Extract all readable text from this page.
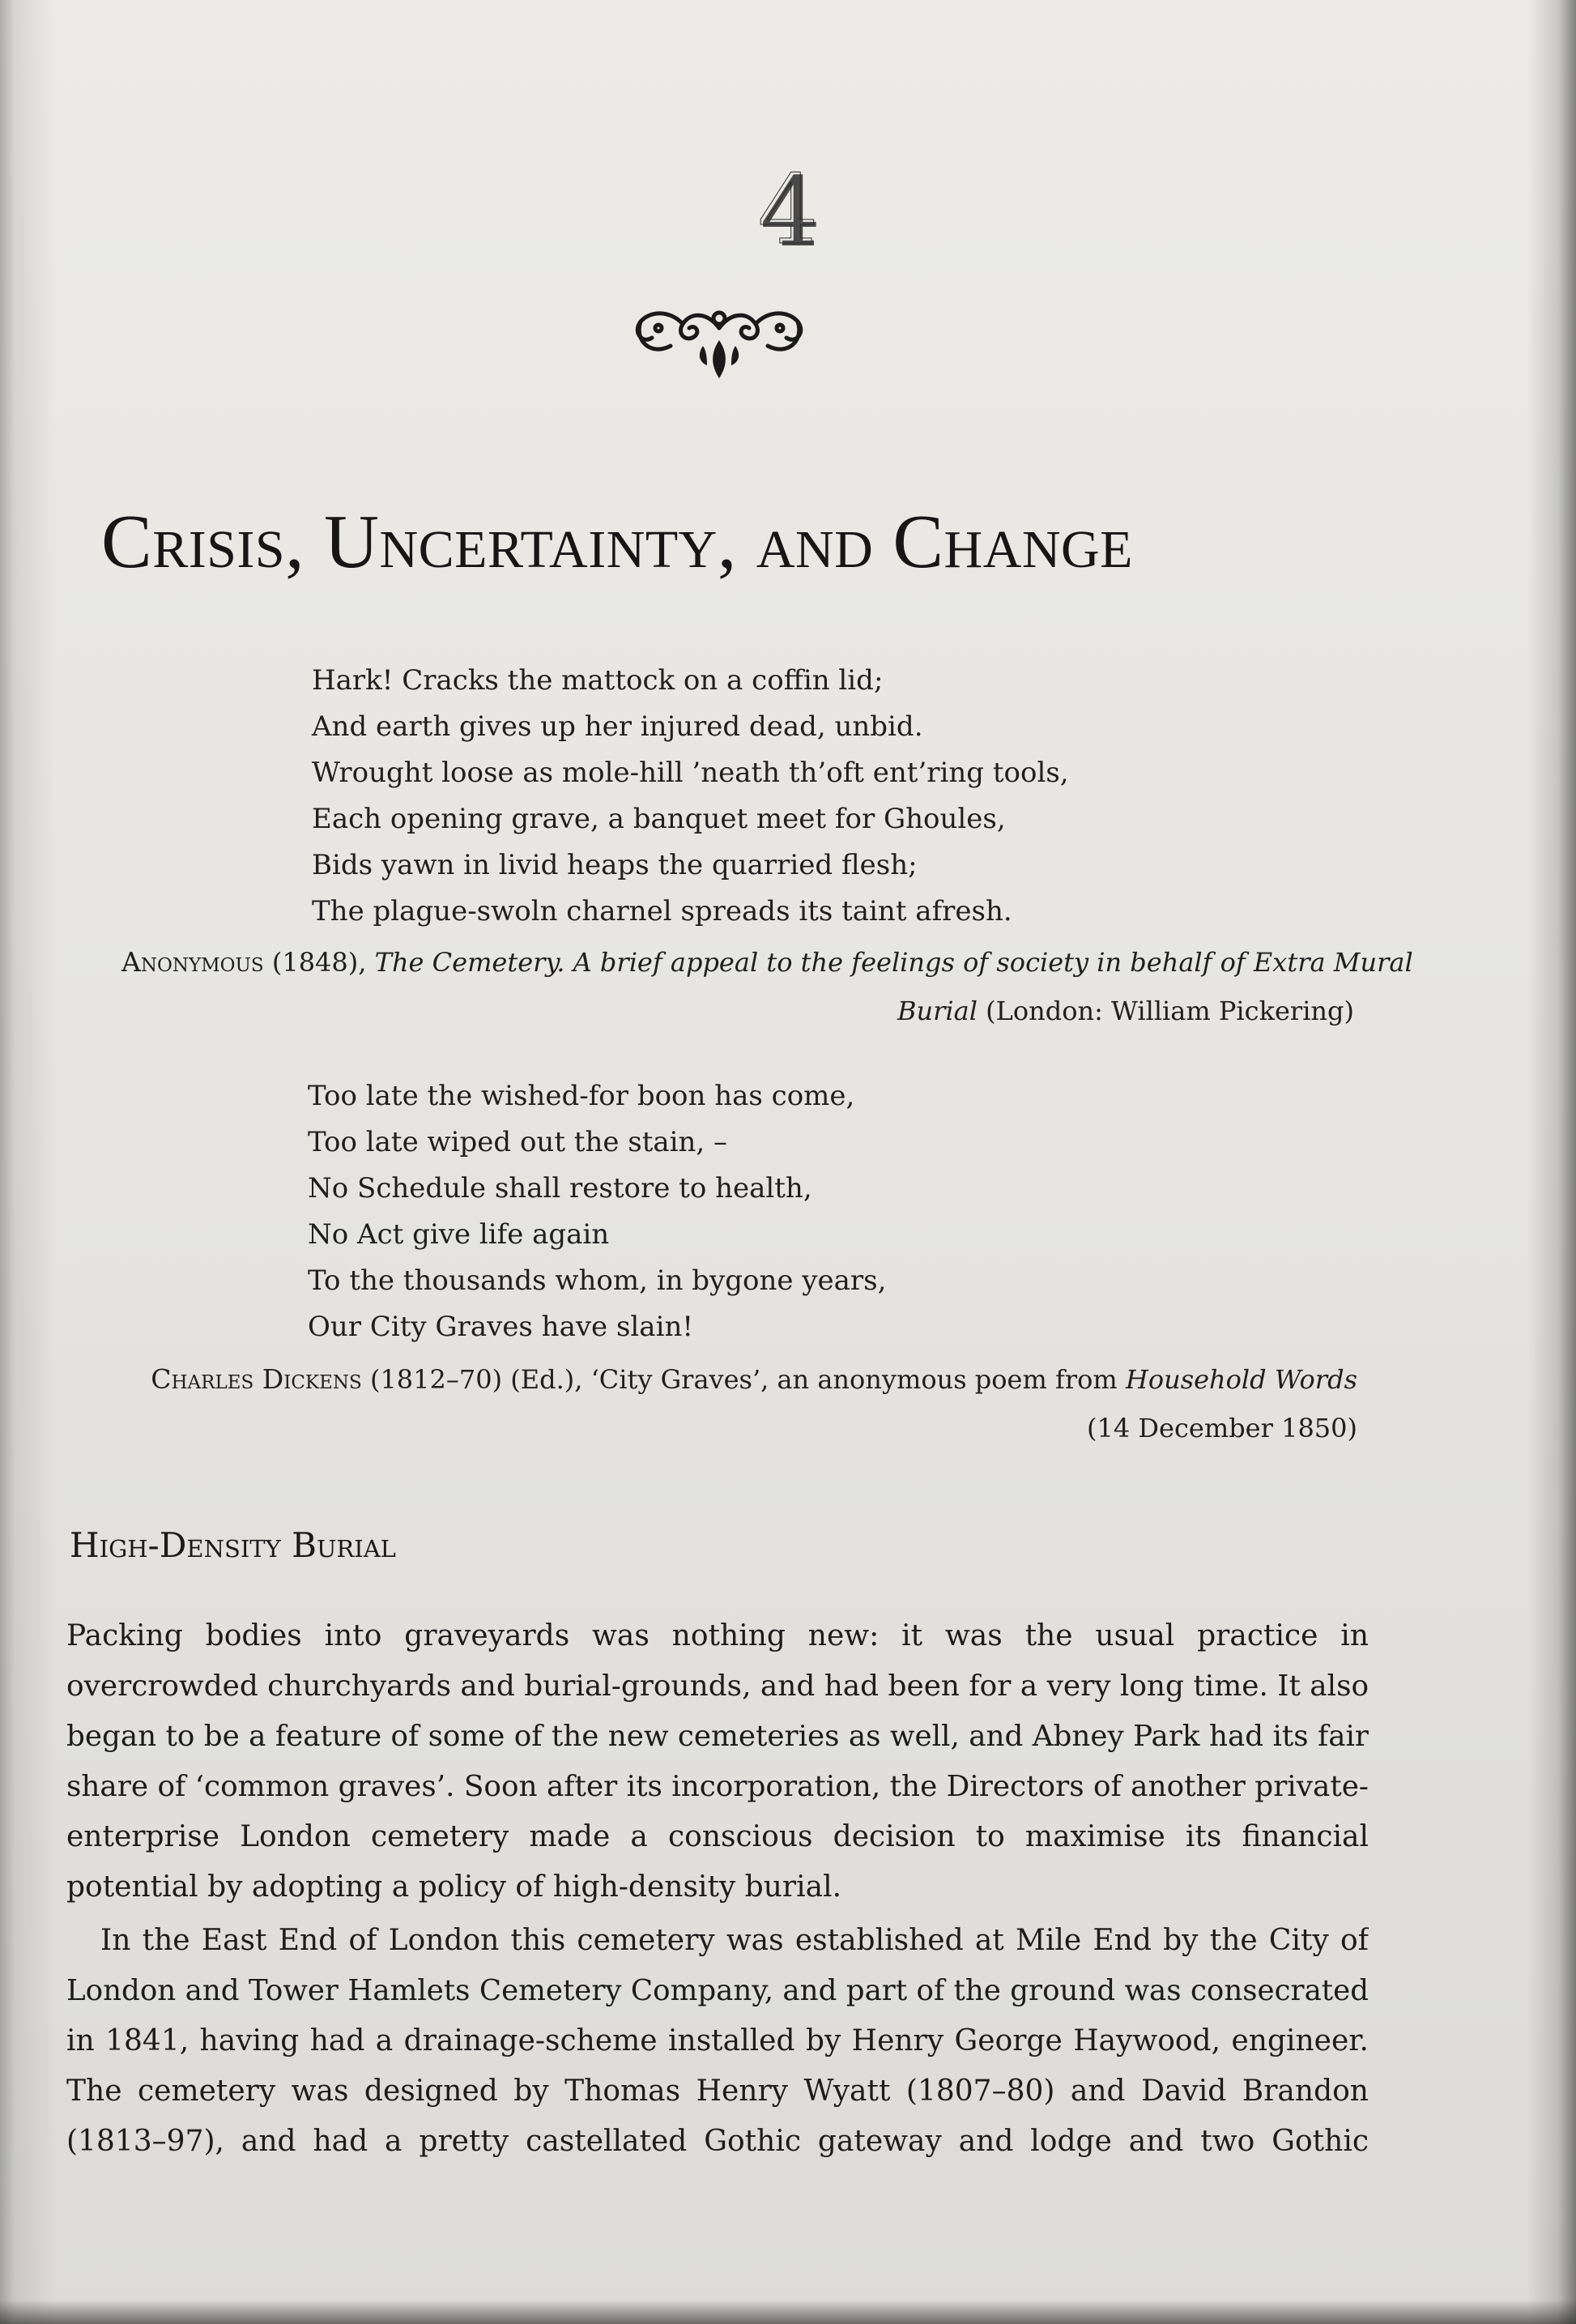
4
Crisis, Uncertainty, and Change
Hark! Cracks the mattock on a coffin lid;
And earth gives up her injured dead, unbid.
Wrought loose as mole-hill ’neath th’oft ent’ring tools,
Each opening grave, a banquet meet for Ghoules,
Bids yawn in livid heaps the quarried flesh;
The plague-swoln charnel spreads its taint afresh.
Anonymous (1848), The Cemetery. A brief appeal to the feelings of society in behalf of Extra Mural
Burial (London: William Pickering)
Too late the wished-for boon has come,
Too late wiped out the stain, –
No Schedule shall restore to health,
No Act give life again
To the thousands whom, in bygone years,
Our City Graves have slain!
Charles Dickens (1812–70) (Ed.), ‘City Graves’, an anonymous poem from Household Words
(14 December 1850)
High-Density Burial
Packing bodies into graveyards was nothing new: it was the usual practice in
overcrowded churchyards and burial-grounds, and had been for a very long time. It also
began to be a feature of some of the new cemeteries as well, and Abney Park had its fair
share of ‘common graves’. Soon after its incorporation, the Directors of another private-
enterprise London cemetery made a conscious decision to maximise its financial
potential by adopting a policy of high-density burial.
In the East End of London this cemetery was established at Mile End by the City of
London and Tower Hamlets Cemetery Company, and part of the ground was consecrated
in 1841, having had a drainage-scheme installed by Henry George Haywood, engineer.
The cemetery was designed by Thomas Henry Wyatt (1807–80) and David Brandon
(1813–97), and had a pretty castellated Gothic gateway and lodge and two Gothic
